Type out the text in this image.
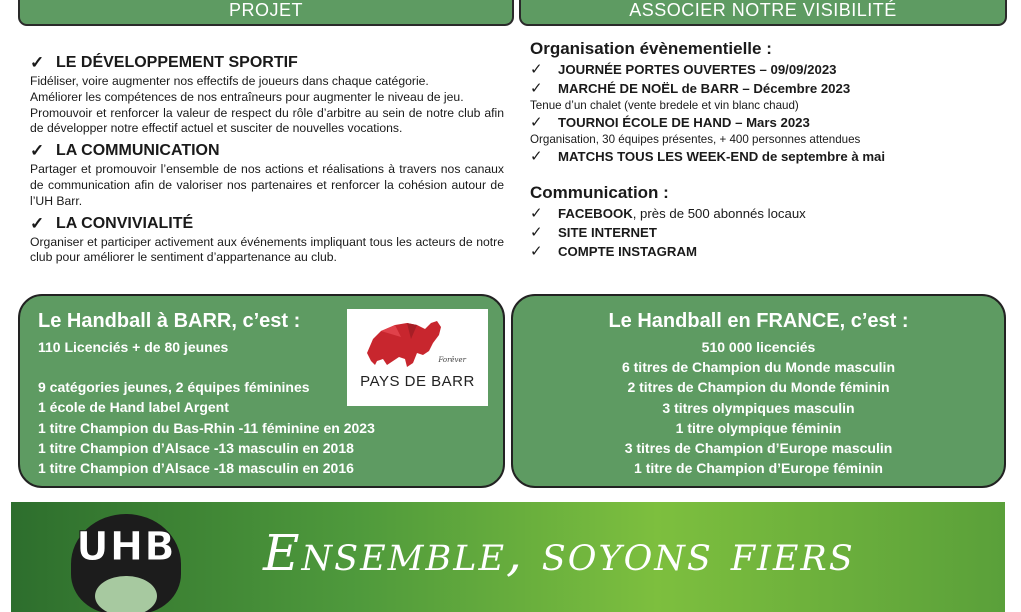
PROJET	ASSOCIER NOTRE VISIBILITÉ
✓ LE DÉVELOPPEMENT SPORTIF
Fidéliser, voire augmenter nos effectifs de joueurs dans chaque catégorie.
Améliorer les compétences de nos entraîneurs pour augmenter le niveau de jeu.
Promouvoir et renforcer la valeur de respect du rôle d’arbitre au sein de notre club afin de développer notre effectif actuel et susciter de nouvelles vocations.
✓ LA COMMUNICATION
Partager et promouvoir l’ensemble de nos actions et réalisations à travers nos canaux de communication afin de valoriser nos partenaires et renforcer la cohésion autour de l’UH Barr.
✓ LA CONVIVIALITÉ
Organiser et participer activement aux événements impliquant tous les acteurs de notre club pour améliorer le sentiment d’appartenance au club.
Organisation évènementielle :
✓	JOURNÉE PORTES OUVERTES – 09/09/2023
✓	MARCHÉ DE NOËL de BARR – Décembre 2023
Tenue d’un chalet (vente bredele et vin blanc chaud)
✓	TOURNOI ÉCOLE DE HAND – Mars 2023
Organisation, 30 équipes présentes, + 400 personnes attendues
✓	MATCHS TOUS LES WEEK-END de septembre à mai
Communication :
✓	FACEBOOK , près de 500 abonnés locaux
✓	SITE INTERNET
✓	COMPTE INSTAGRAM
Le Handball à BARR, c’est :
110 Licenciés + de 80 jeunes
9 catégories jeunes, 2 équipes féminines
1 école de Hand label Argent
1 titre Champion du Bas-Rhin -11 féminine en 2023
1 titre Champion d’Alsace -13 masculin en 2018
1 titre Champion d’Alsace -18 masculin en 2016
Forêver
PAYS DE BARR
Le Handball en FRANCE, c’est :
510 000 licenciés
6 titres de Champion du Monde masculin
2 titres de Champion du Monde féminin
3 titres olympiques masculin
1 titre olympique féminin
3 titres de Champion d’Europe masculin
1 titre de Champion d’Europe féminin
UHB Ensemble, soyons fiers
